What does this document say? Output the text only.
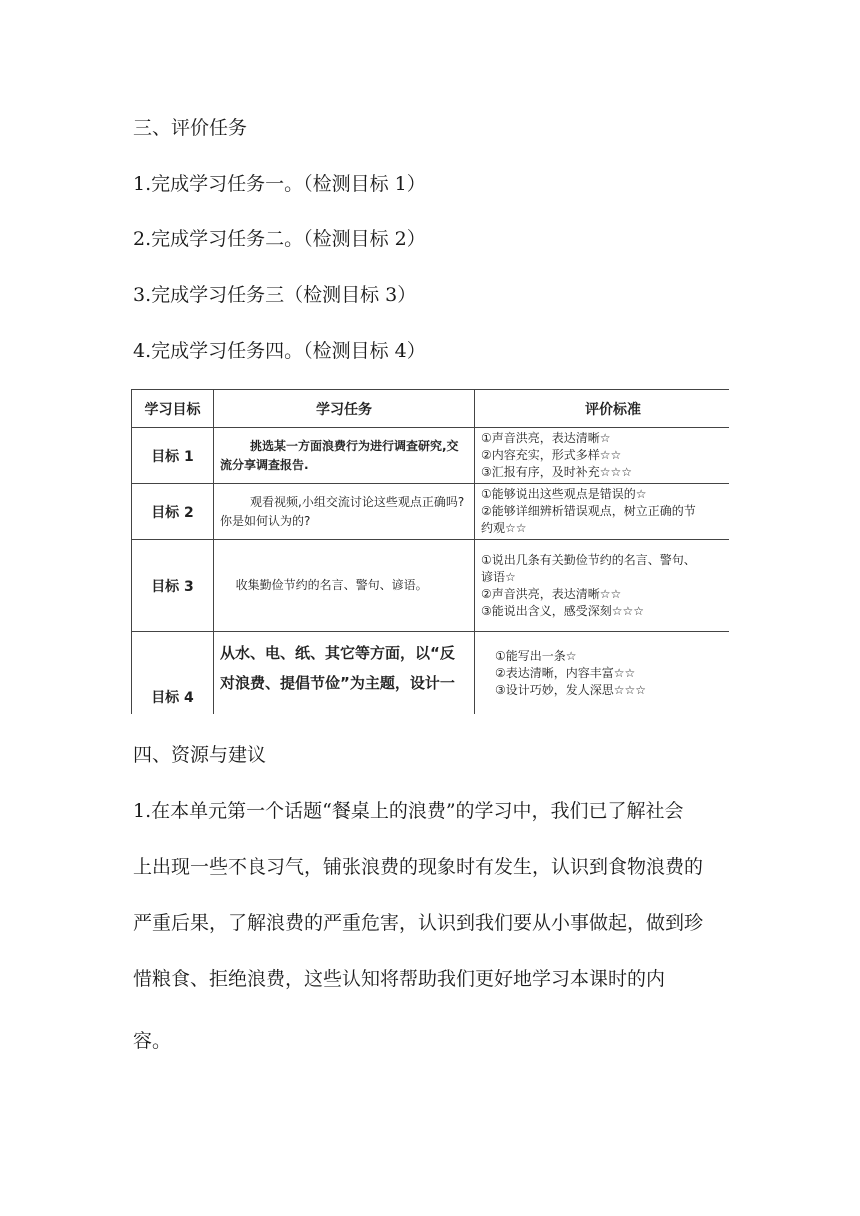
三、评价任务
1.完成学习任务一。（检测目标 1）
2.完成学习任务二。（检测目标 2）
3.完成学习任务三（检测目标 3）
4.完成学习任务四。（检测目标 4）
学习目标	学习任务	评价标准
目标 1	挑选某一方面浪费行为进行调查研究,交流分享调查报告.	①声音洪亮，表达清晰☆
②内容充实，形式多样☆☆
③汇报有序，及时补充☆☆☆

目标 2	观看视频,小组交流讨论这些观点正确吗?你是如何认为的?	①能够说出这些观点是错误的☆
②能够详细辨析错误观点，树立正确的节
约观☆☆

目标 3	收集勤俭节约的名言、警句、谚语。	①说出几条有关勤俭节约的名言、警句、
谚语☆
②声音洪亮，表达清晰☆☆
③能说出含义，感受深刻☆☆☆

目标 4	从水、电、纸、其它等方面，以“反对浪费、提倡节俭”为主题，设计一	①能写出一条☆
②表达清晰，内容丰富☆☆
③设计巧妙，发人深思☆☆☆
四、资源与建议

1.在本单元第一个话题“餐桌上的浪费”的学习中，我们已了解社会

上出现一些不良习气，铺张浪费的现象时有发生，认识到食物浪费的

严重后果，了解浪费的严重危害，认识到我们要从小事做起，做到珍

惜粮食、拒绝浪费，这些认知将帮助我们更好地学习本课时的内

容。
